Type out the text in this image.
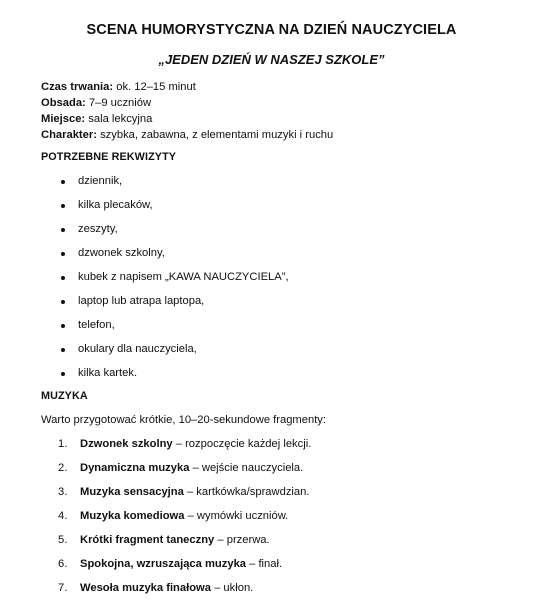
SCENA HUMORYSTYCZNA NA DZIEŃ NAUCZYCIELA
„JEDEN DZIEŃ W NASZEJ SZKOLE”
Czas trwania: ok. 12–15 minut
Obsada: 7–9 uczniów
Miejsce: sala lekcyjna
Charakter: szybka, zabawna, z elementami muzyki i ruchu
POTRZEBNE REKWIZYTY
dziennik,
kilka plecaków,
zeszyty,
dzwonek szkolny,
kubek z napisem „KAWA NAUCZYCIELA”,
laptop lub atrapa laptopa,
telefon,
okulary dla nauczyciela,
kilka kartek.
MUZYKA
Warto przygotować krótkie, 10–20-sekundowe fragmenty:
1.	Dzwonek szkolny – rozpoczęcie każdej lekcji.
2.	Dynamiczna muzyka – wejście nauczyciela.
3.	Muzyka sensacyjna – kartkówka/sprawdzian.
4.	Muzyka komediowa – wymówki uczniów.
5.	Krótki fragment taneczny – przerwa.
6.	Spokojna, wzruszająca muzyka – finał.
7.	Wesoła muzyka finałowa – ukłon.
